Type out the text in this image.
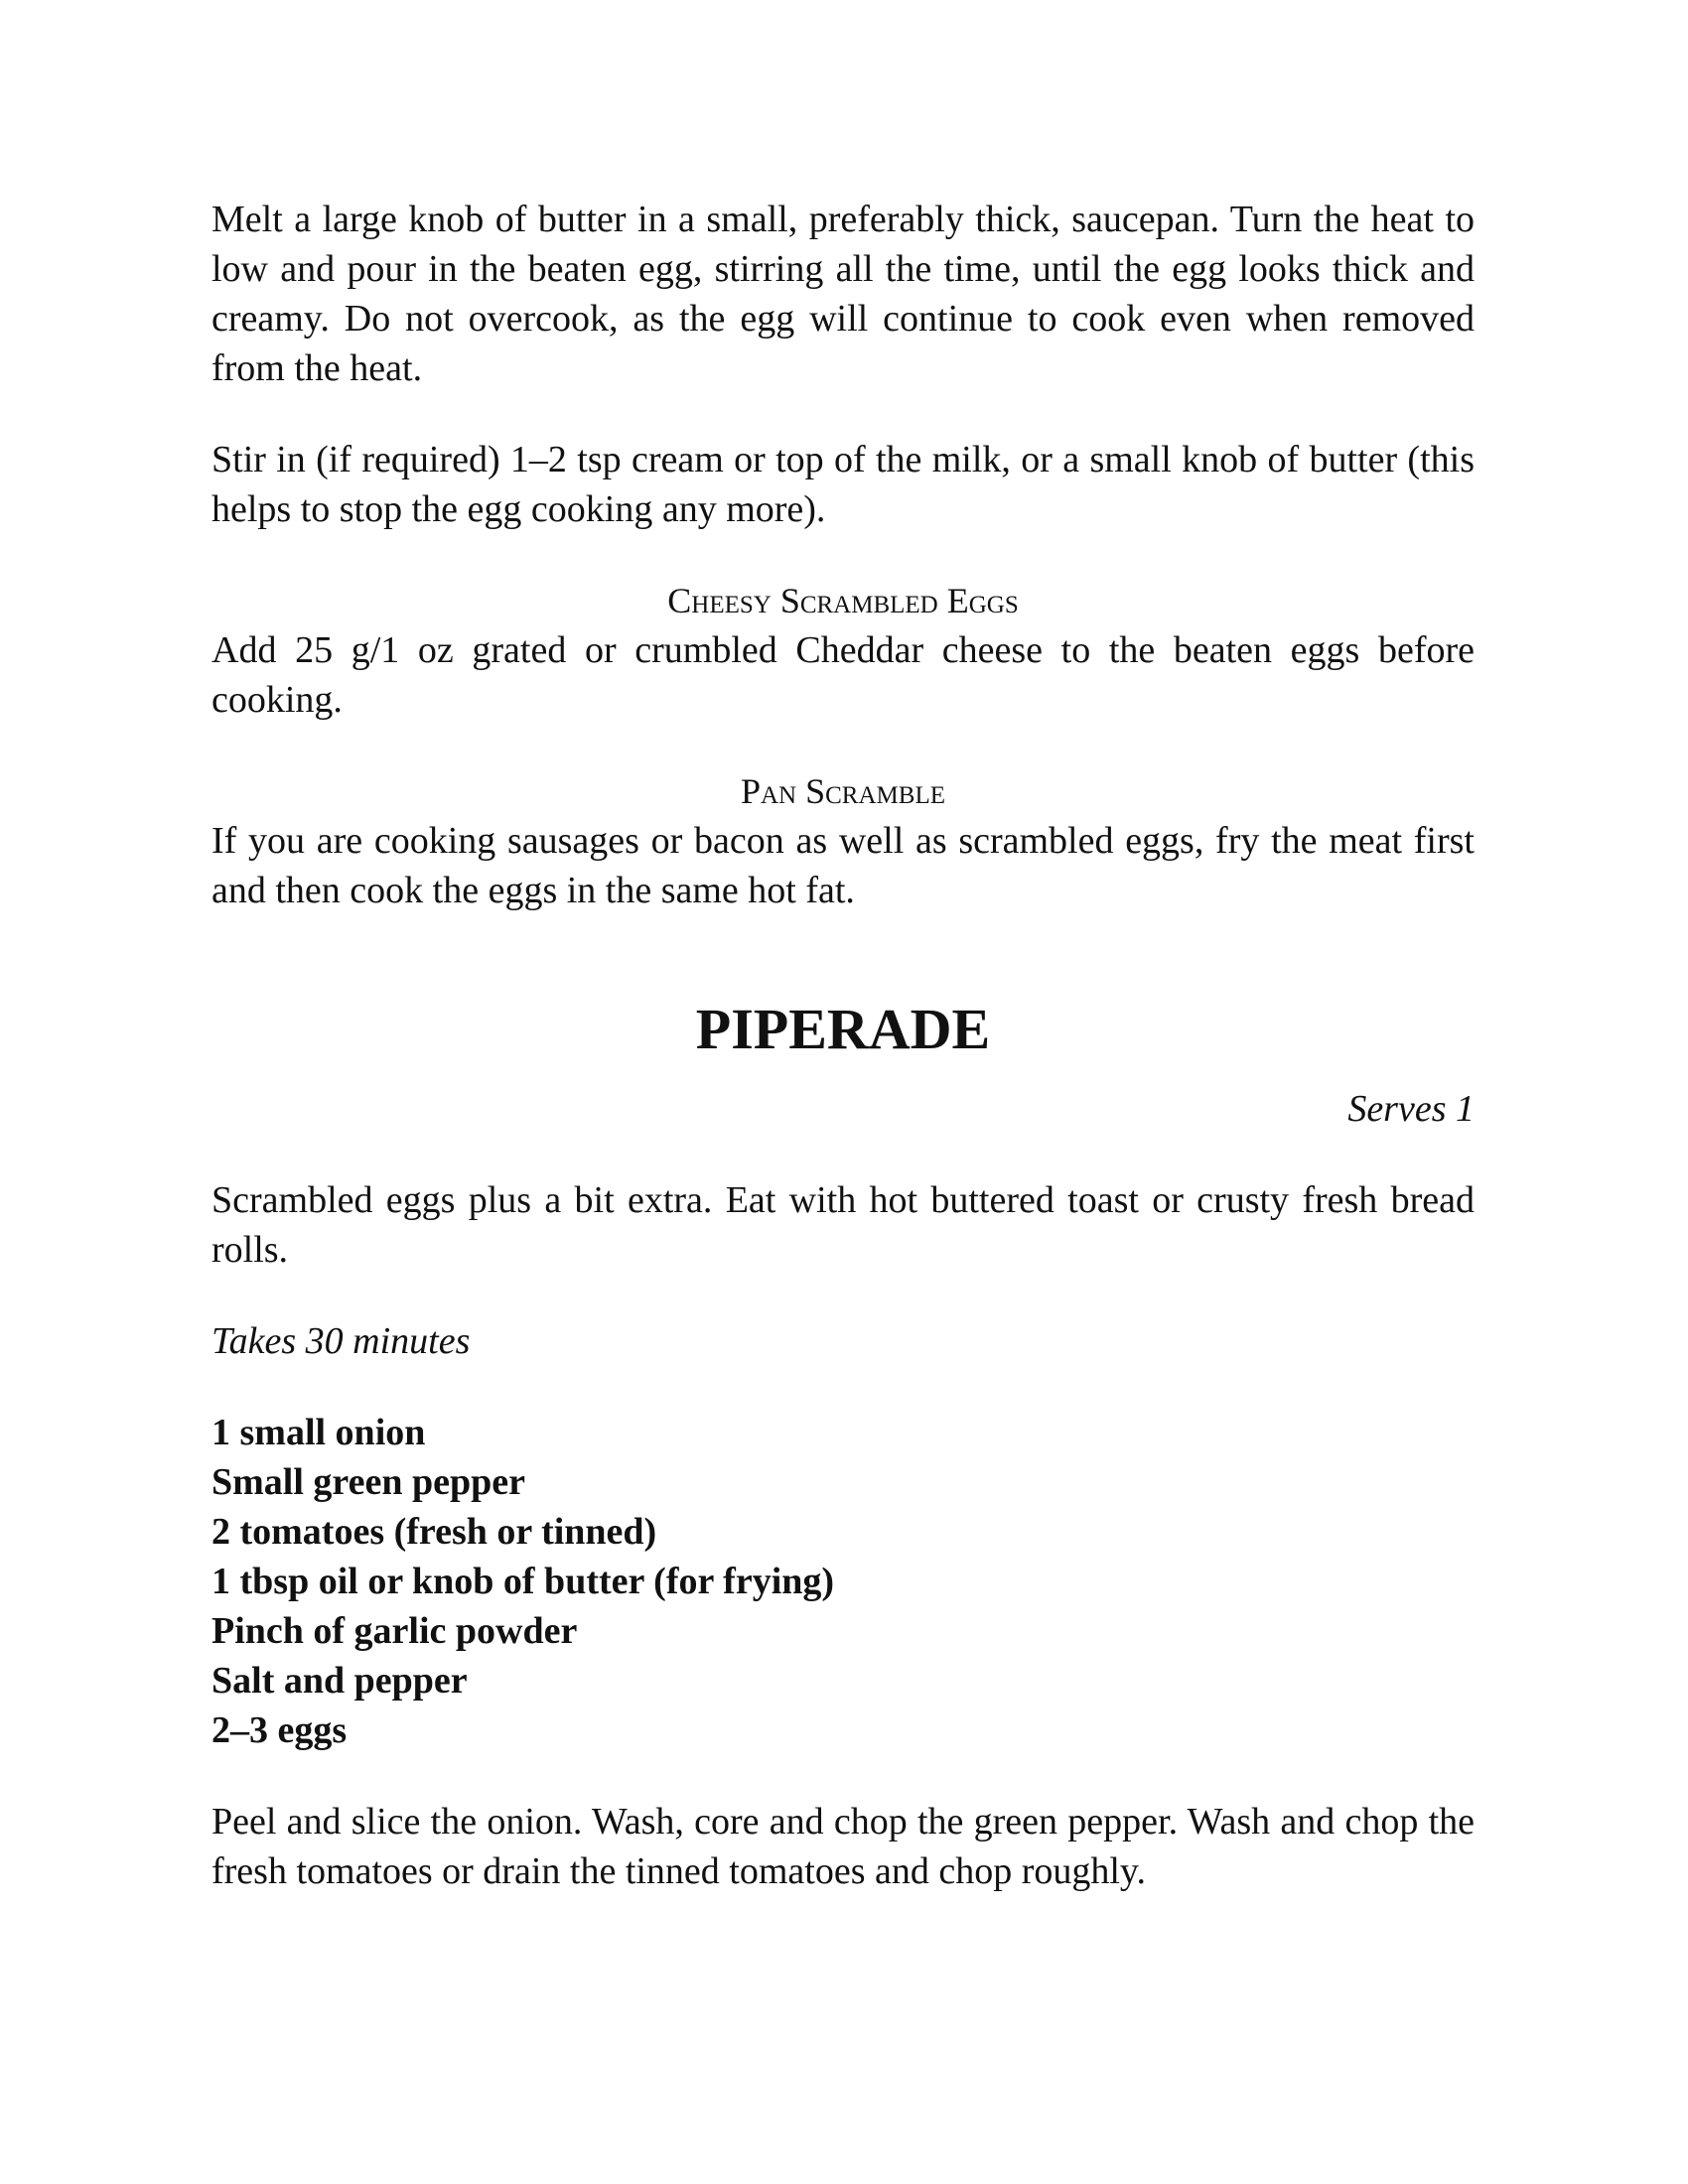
Melt a large knob of butter in a small, preferably thick, saucepan. Turn the heat to low and pour in the beaten egg, stirring all the time, until the egg looks thick and creamy. Do not overcook, as the egg will continue to cook even when removed from the heat.

Stir in (if required) 1–2 tsp cream or top of the milk, or a small knob of butter (this helps to stop the egg cooking any more).

Cheesy Scrambled Eggs

Add 25 g/1 oz grated or crumbled Cheddar cheese to the beaten eggs before cooking.

Pan Scramble

If you are cooking sausages or bacon as well as scrambled eggs, fry the meat first and then cook the eggs in the same hot fat.

PIPERADE

Serves 1

Scrambled eggs plus a bit extra. Eat with hot buttered toast or crusty fresh bread rolls.

Takes 30 minutes

1 small onion
Small green pepper
2 tomatoes (fresh or tinned)
1 tbsp oil or knob of butter (for frying)
Pinch of garlic powder
Salt and pepper
2–3 eggs

Peel and slice the onion. Wash, core and chop the green pepper. Wash and chop the fresh tomatoes or drain the tinned tomatoes and chop roughly.
